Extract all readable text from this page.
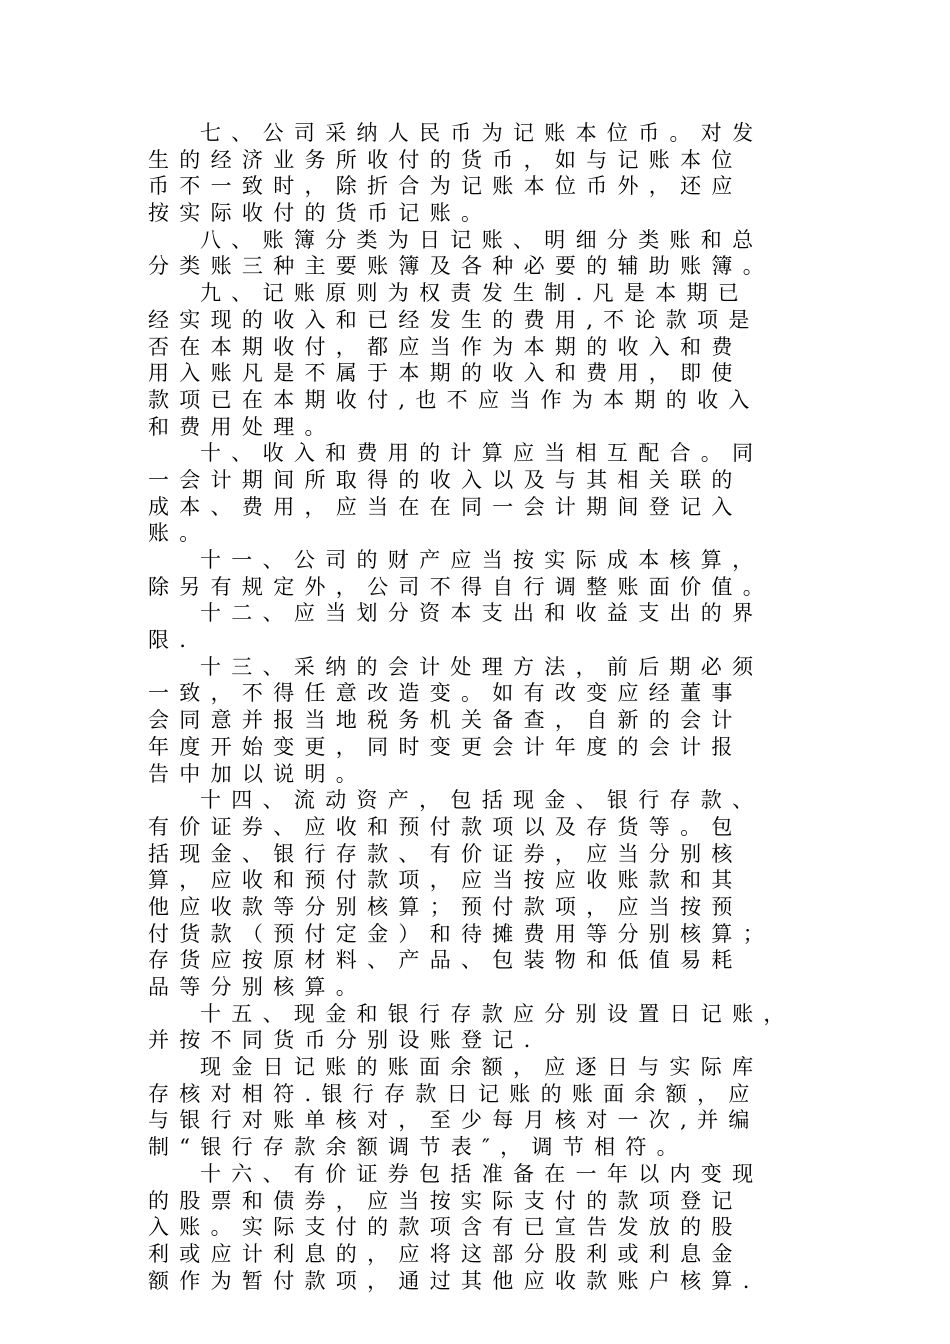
七、公司采纳人民币为记账本位币。对发
生的经济业务所收付的货币，如与记账本位
币不一致时，除折合为记账本位币外，还应
按实际收付的货币记账。
八、账簿分类为日记账、明细分类账和总
分类账三种主要账簿及各种必要的辅助账簿。
九、记账原则为权责发生制.凡是本期已
经实现的收入和已经发生的费用,不论款项是
否在本期收付，都应当作为本期的收入和费
用入账凡是不属于本期的收入和费用，即使
款项已在本期收付,也不应当作为本期的收入
和费用处理。
十、收入和费用的计算应当相互配合。同
一会计期间所取得的收入以及与其相关联的
成本、费用，应当在在同一会计期间登记入
账。
十一、公司的财产应当按实际成本核算，
除另有规定外，公司不得自行调整账面价值。
十二、应当划分资本支出和收益支出的界
限.
十三、采纳的会计处理方法，前后期必须
一致，不得任意改造变。如有改变应经董事
会同意并报当地税务机关备查，自新的会计
年度开始变更，同时变更会计年度的会计报
告中加以说明。
十四、流动资产，包括现金、银行存款、
有价证券、应收和预付款项以及存货等。包
括现金、银行存款、有价证券，应当分别核
算，应收和预付款项，应当按应收账款和其
他应收款等分别核算；预付款项，应当按预
付货款（预付定金）和待摊费用等分别核算；
存货应按原材料、产品、包装物和低值易耗
品等分别核算。
十五、现金和银行存款应分别设置日记账，
并按不同货币分别设账登记.
现金日记账的账面余额，应逐日与实际库
存核对相符.银行存款日记账的账面余额，应
与银行对账单核对，至少每月核对一次,并编
制“银行存款余额调节表″，调节相符。
十六、有价证券包括准备在一年以内变现
的股票和债券，应当按实际支付的款项登记
入账。实际支付的款项含有已宣告发放的股
利或应计利息的，应将这部分股利或利息金
额作为暂付款项，通过其他应收款账户核算.
